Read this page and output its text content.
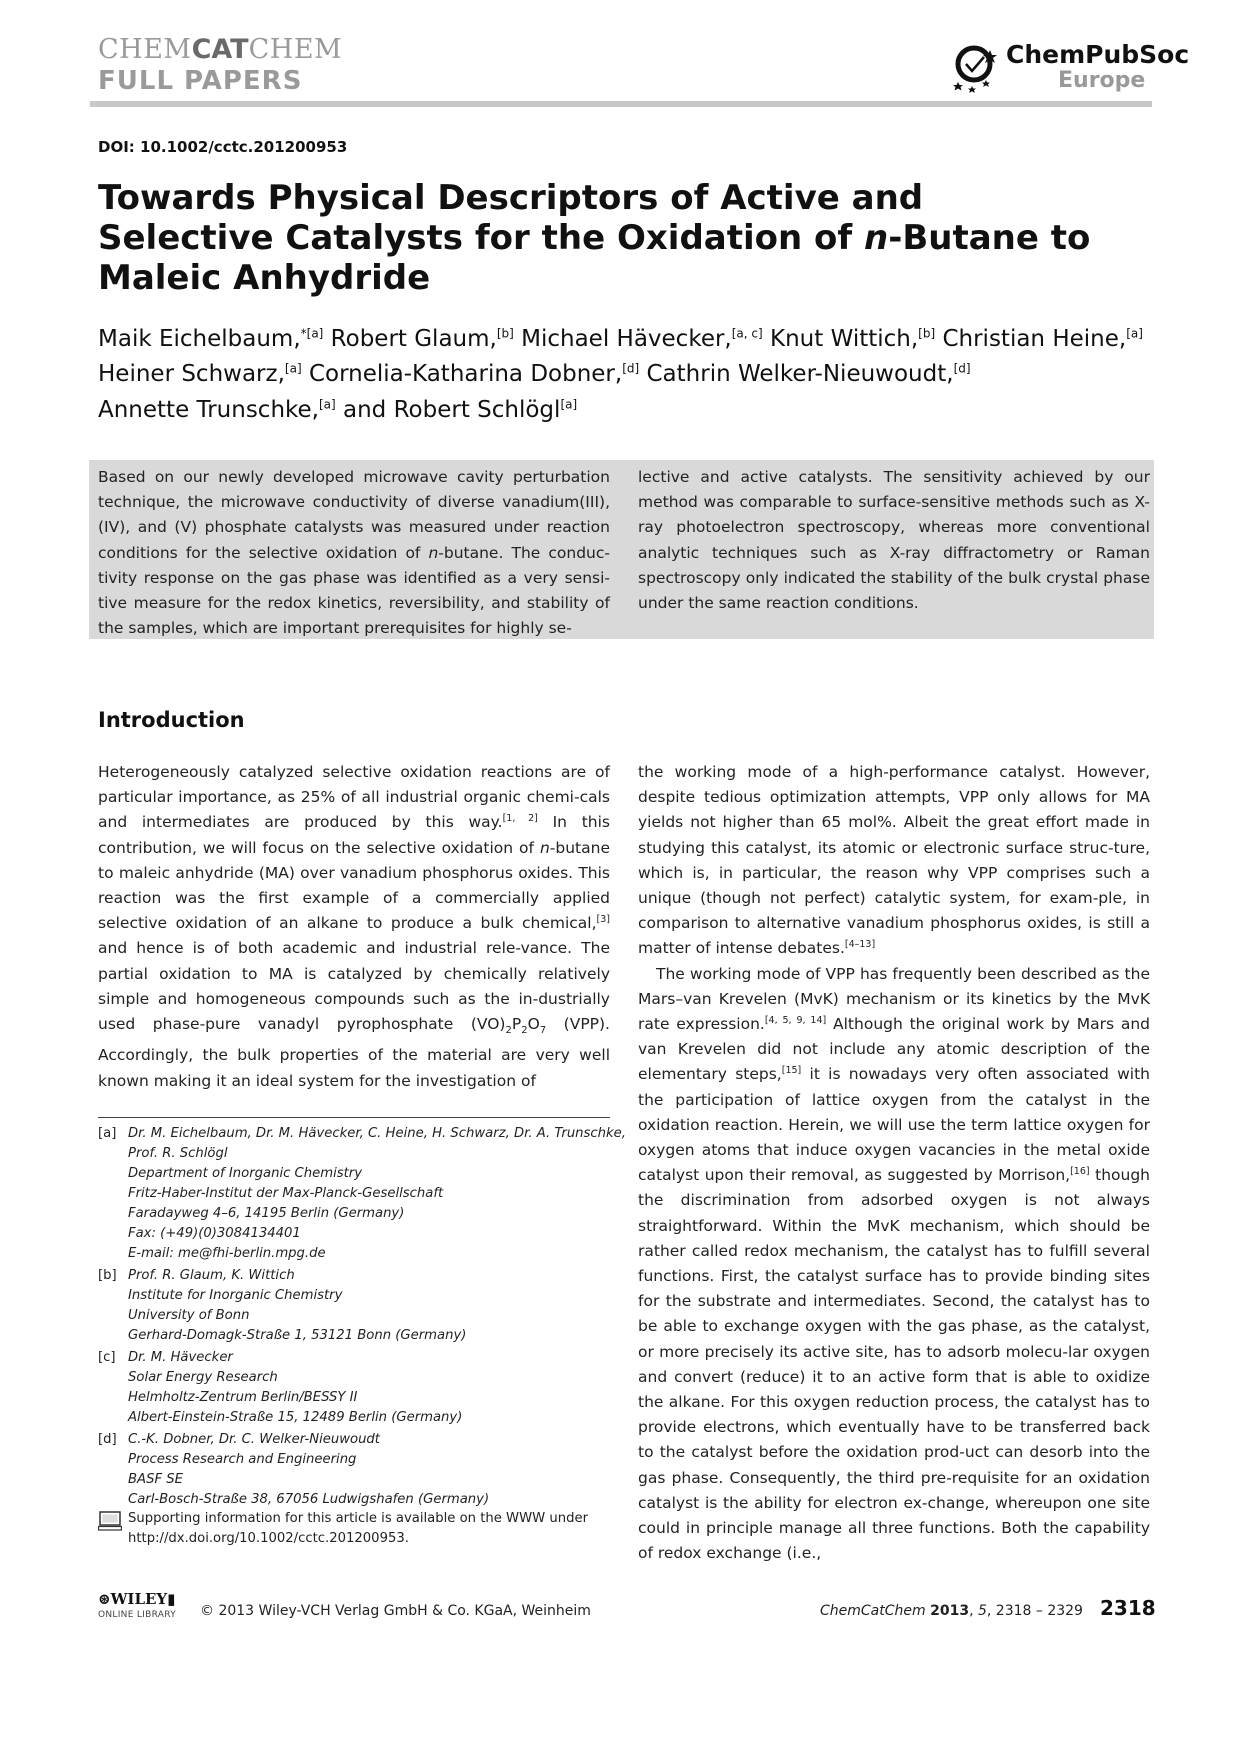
CHEMCATCHEM
FULL PAPERS
ChemPubSoc
Europe
DOI: 10.1002/cctc.201200953
Towards Physical Descriptors of Active and Selective Catalysts for the Oxidation of n-Butane to Maleic Anhydride
Maik Eichelbaum,$^{*[a]}$ Robert Glaum,[b] Michael Hävecker,[a, c] Knut Wittich,[b] Christian Heine,[a]
Heiner Schwarz,[a] Cornelia-Katharina Dobner,[d] Cathrin Welker-Nieuwoudt,[d]
Annette Trunschke,[a] and Robert Schlögl[a]
Based on our newly developed microwave cavity perturbation technique, the microwave conductivity of diverse vanadium(III), (IV), and (V) phosphate catalysts was measured under reaction conditions for the selective oxidation of n-butane. The conduc-tivity response on the gas phase was identified as a very sensi-tive measure for the redox kinetics, reversibility, and stability of the samples, which are important prerequisites for highly se-
lective and active catalysts. The sensitivity achieved by our method was comparable to surface-sensitive methods such as X-ray photoelectron spectroscopy, whereas more conventional analytic techniques such as X-ray diffractometry or Raman spectroscopy only indicated the stability of the bulk crystal phase under the same reaction conditions.
Introduction

Heterogeneously catalyzed selective oxidation reactions are of particular importance, as 25% of all industrial organic chemi-cals and intermediates are produced by this way.[1, 2] In this contribution, we will focus on the selective oxidation of n-butane to maleic anhydride (MA) over vanadium phosphorus oxides. This reaction was the first example of a commercially applied selective oxidation of an alkane to produce a bulk chemical,[3] and hence is of both academic and industrial rele-vance. The partial oxidation to MA is catalyzed by chemically relatively simple and homogeneous compounds such as the in-dustrially used phase-pure vanadyl pyrophosphate $(VO)_2P_2O_7$ (VPP). Accordingly, the bulk properties of the material are very well known making it an ideal system for the investigation of

the working mode of a high-performance catalyst. However, despite tedious optimization attempts, VPP only allows for MA yields not higher than 65 mol%. Albeit the great effort made in studying this catalyst, its atomic or electronic surface struc-ture, which is, in particular, the reason why VPP comprises such a unique (though not perfect) catalytic system, for exam-ple, in comparison to alternative vanadium phosphorus oxides, is still a matter of intense debates.[4–13]

The working mode of VPP has frequently been described as the Mars–van Krevelen (MvK) mechanism or its kinetics by the MvK rate expression.[4, 5, 9, 14] Although the original work by Mars and van Krevelen did not include any atomic description of the elementary steps,[15] it is nowadays very often associated with the participation of lattice oxygen from the catalyst in the oxidation reaction. Herein, we will use the term lattice oxygen for oxygen atoms that induce oxygen vacancies in the metal oxide catalyst upon their removal, as suggested by Morrison,[16] though the discrimination from adsorbed oxygen is not always straightforward. Within the MvK mechanism, which should be rather called redox mechanism, the catalyst has to fulfill several functions. First, the catalyst surface has to provide binding sites for the substrate and intermediates. Second, the catalyst has to be able to exchange oxygen with the gas phase, as the catalyst, or more precisely its active site, has to adsorb molecu-lar oxygen and convert (reduce) it to an active form that is able to oxidize the alkane. For this oxygen reduction process, the catalyst has to provide electrons, which eventually have to be transferred back to the catalyst before the oxidation prod-uct can desorb into the gas phase. Consequently, the third pre-requisite for an oxidation catalyst is the ability for electron ex-change, whereupon one site could in principle manage all three functions. Both the capability of redox exchange (i.e.,

[a] Dr. M. Eichelbaum, Dr. M. Hävecker, C. Heine, H. Schwarz, Dr. A. Trunschke,
Prof. R. Schlögl
Department of Inorganic Chemistry
Fritz-Haber-Institut der Max-Planck-Gesellschaft
Faradayweg 4–6, 14195 Berlin (Germany)
Fax: (+49)(0)3084134401
E-mail: me@fhi-berlin.mpg.de
[b] Prof. R. Glaum, K. Wittich
Institute for Inorganic Chemistry
University of Bonn
Gerhard-Domagk-Straße 1, 53121 Bonn (Germany)
[c] Dr. M. Hävecker
Solar Energy Research
Helmholtz-Zentrum Berlin/BESSY II
Albert-Einstein-Straße 15, 12489 Berlin (Germany)
[d] C.-K. Dobner, Dr. C. Welker-Nieuwoudt
Process Research and Engineering
BASF SE
Carl-Bosch-Straße 38, 67056 Ludwigshafen (Germany)
Supporting information for this article is available on the WWW under
http://dx.doi.org/10.1002/cctc.201200953.
⊛WILEY▮
ONLINE LIBRARY © 2013 Wiley-VCH Verlag GmbH & Co. KGaA, Weinheim	ChemCatChem 2013, 5, 2318 – 2329 2318
